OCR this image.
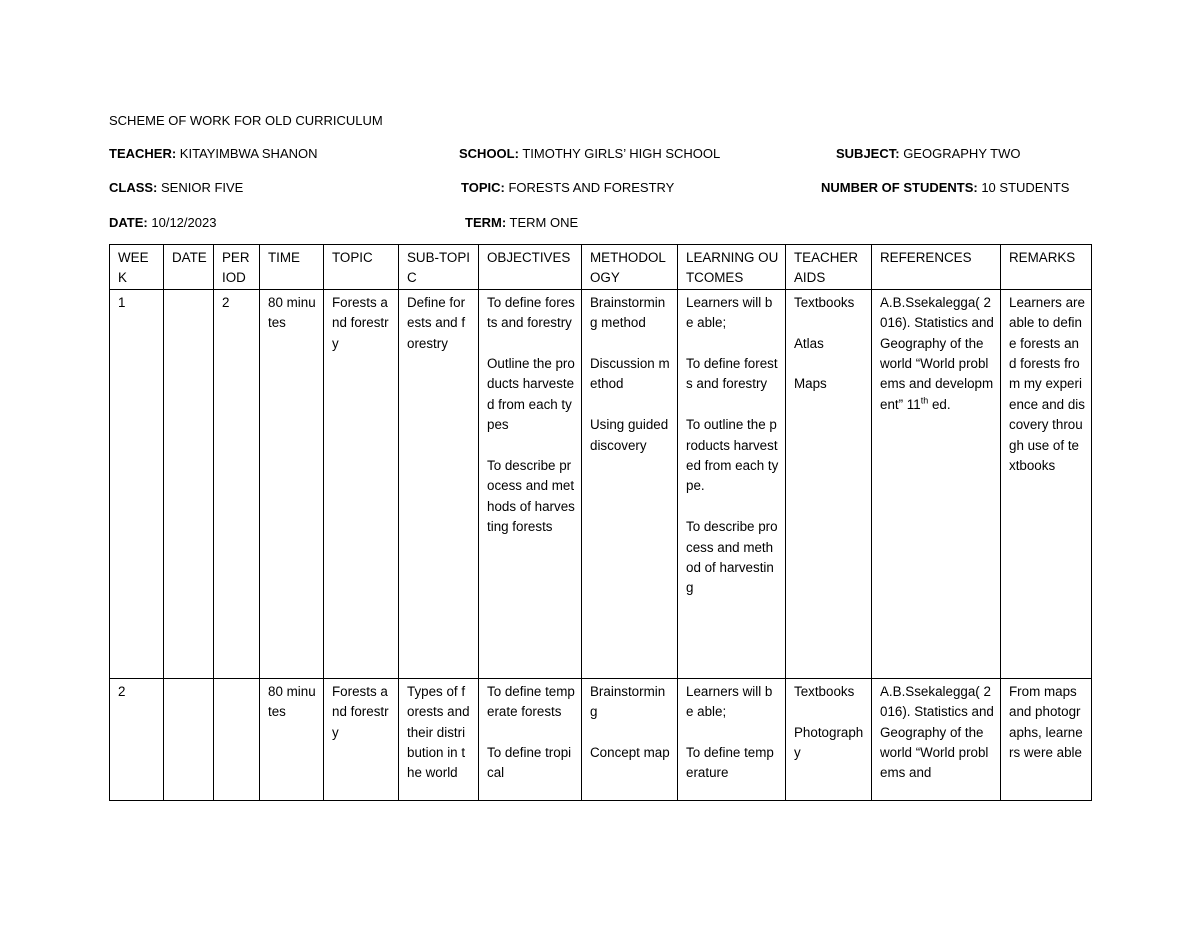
SCHEME OF WORK FOR OLD CURRICULUM
TEACHER: KITAYIMBWA SHANON	SCHOOL: TIMOTHY GIRLS’ HIGH SCHOOL	SUBJECT: GEOGRAPHY TWO
CLASS: SENIOR FIVE	TOPIC: FORESTS AND FORESTRY	NUMBER OF STUDENTS: 10 STUDENTS
DATE: 10/12/2023	TERM: TERM ONE
WEEK	DATE	PERIOD	TIME	TOPIC	SUB-TOPIC	OBJECTIVES	METHODOLOGY	LEARNING OUTCOMES	TEACHER AIDS	REFERENCES	REMARKS
1		2	80 minutes	Forests and forestry	Define forests and forestry	To define forests and forestry
Outline the products harvested from each types
To describe process and methods of harvesting forests	Brainstorming method
Discussion method
Using guided discovery	Learners will be able;
To define forests and forestry
To outline the products harvested from each type.
To describe process and method of harvesting	Textbooks
Atlas
Maps	A.B.Ssekalegga( 2016). Statistics and Geography of the world “World problems and development” 11th ed.	Learners are able to define forests and forests from my experience and discovery through use of textbooks
2			80 minutes	Forests and forestry	Types of forests and their distribution in the world	To define temperate forests
To define tropical	Brainstorming
Concept map	Learners will be able;
To define temperature	Textbooks
Photography	A.B.Ssekalegga( 2016). Statistics and Geography of the world “World problems and	From maps and photographs, learners were able
